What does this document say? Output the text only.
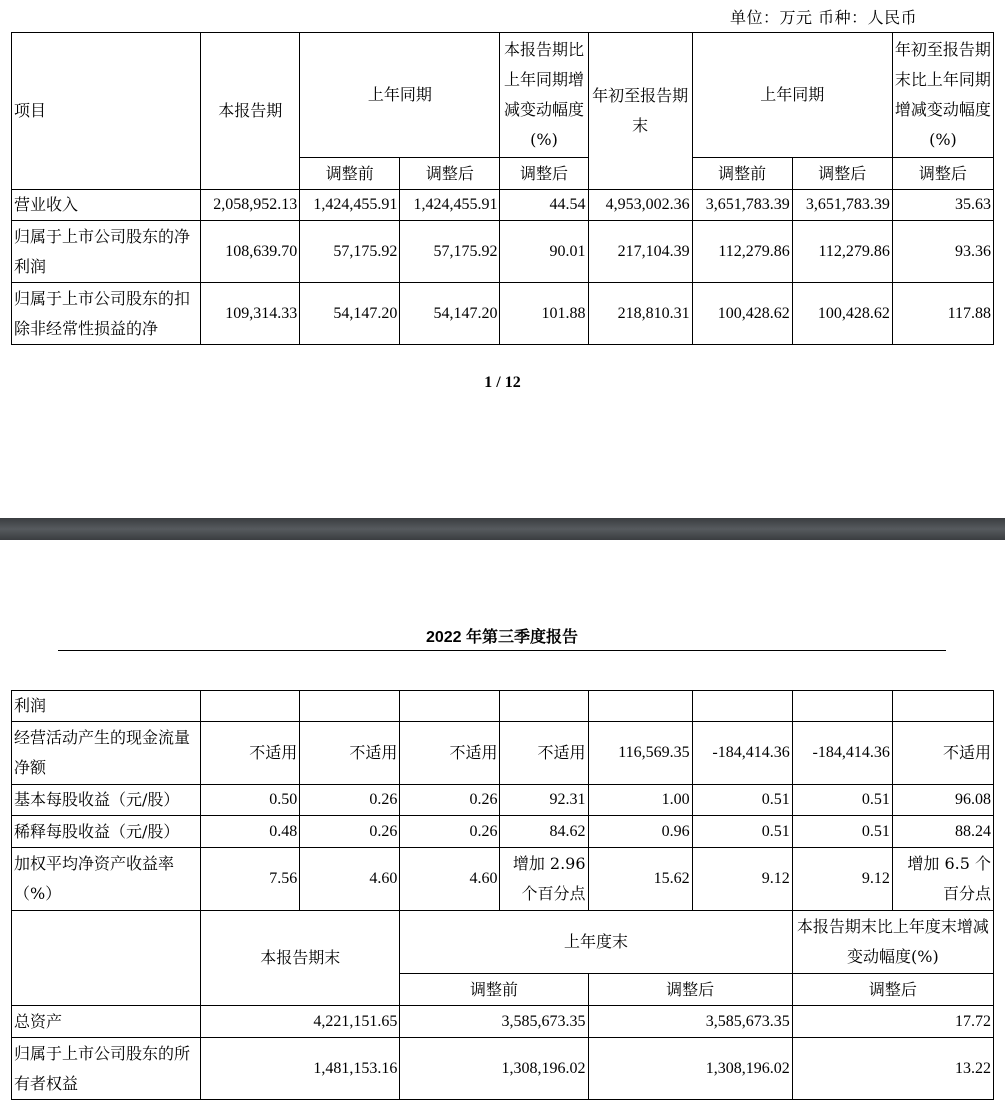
单位：万元 币种：人民币
项目	本报告期	上年同期		本报告期比上年同期增减变动幅度(%)	年初至报告期末	上年同期		年初至报告期末比上年同期增减变动幅度(%)
		调整前	调整后	调整后		调整前	调整后	调整后
营业收入	2,058,952.13	1,424,455.91	1,424,455.91	44.54	4,953,002.36	3,651,783.39	3,651,783.39	35.63
归属于上市公司股东的净利润	108,639.70	57,175.92	57,175.92	90.01	217,104.39	112,279.86	112,279.86	93.36
归属于上市公司股东的扣除非经常性损益的净	109,314.33	54,147.20	54,147.20	101.88	218,810.31	100,428.62	100,428.62	117.88
1 / 12
2022 年第三季度报告
利润								
经营活动产生的现金流量净额	不适用	不适用	不适用	不适用	116,569.35	-184,414.36	-184,414.36	不适用
基本每股收益（元/股）	0.50	0.26	0.26	92.31	1.00	0.51	0.51	96.08
稀释每股收益（元/股）	0.48	0.26	0.26	84.62	0.96	0.51	0.51	88.24
加权平均净资产收益率（%）	7.56	4.60	4.60	增加 2.96 个百分点	15.62	9.12	9.12	增加 6.5 个百分点
	本报告期末		上年度末				本报告期末比上年度末增减变动幅度(%)	
			调整前		调整后		调整后	
总资产	4,221,151.65		3,585,673.35		3,585,673.35		17.72	
归属于上市公司股东的所有者权益	1,481,153.16		1,308,196.02		1,308,196.02		13.22	
